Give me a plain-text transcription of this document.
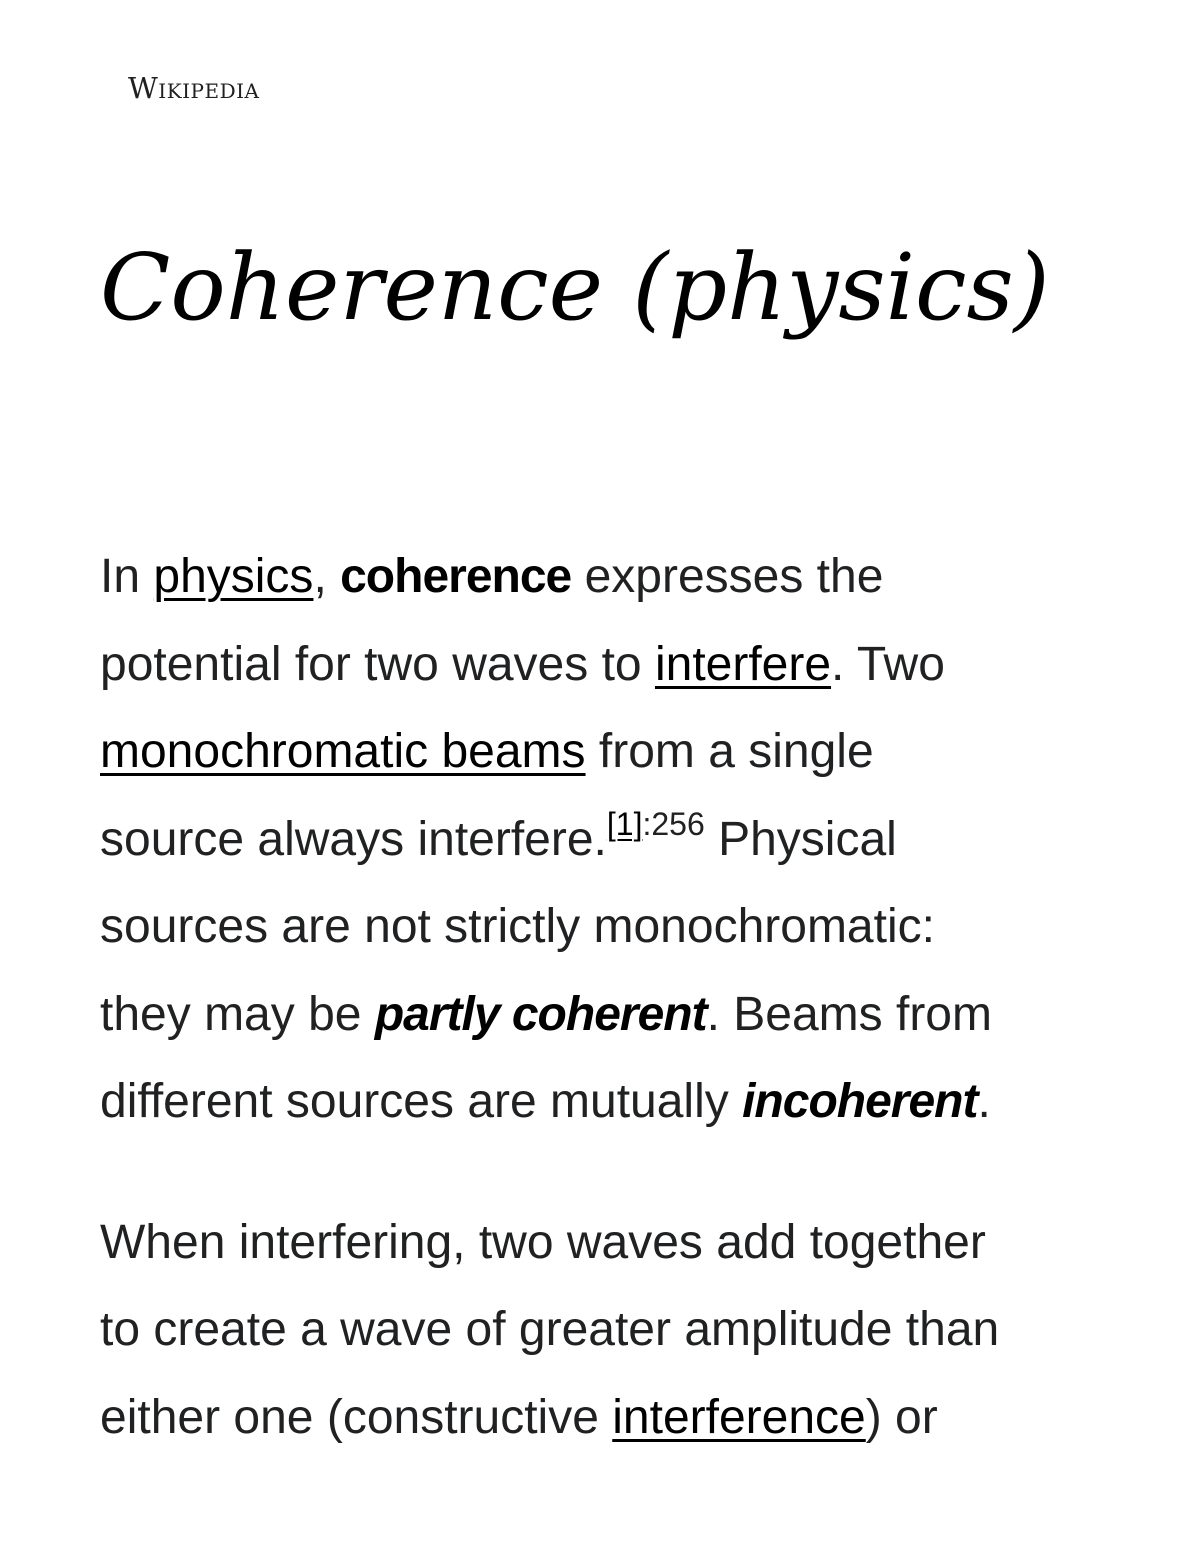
Wikipedia
Coherence (physics)

In physics, coherence expresses the
potential for two waves to interfere. Two
monochromatic beams from a single
source always interfere.$^{[1]:256}$ Physical
sources are not strictly monochromatic:
they may be partly coherent. Beams from
different sources are mutually incoherent.

When interfering, two waves add together
to create a wave of greater amplitude than
either one (constructive interference) or
